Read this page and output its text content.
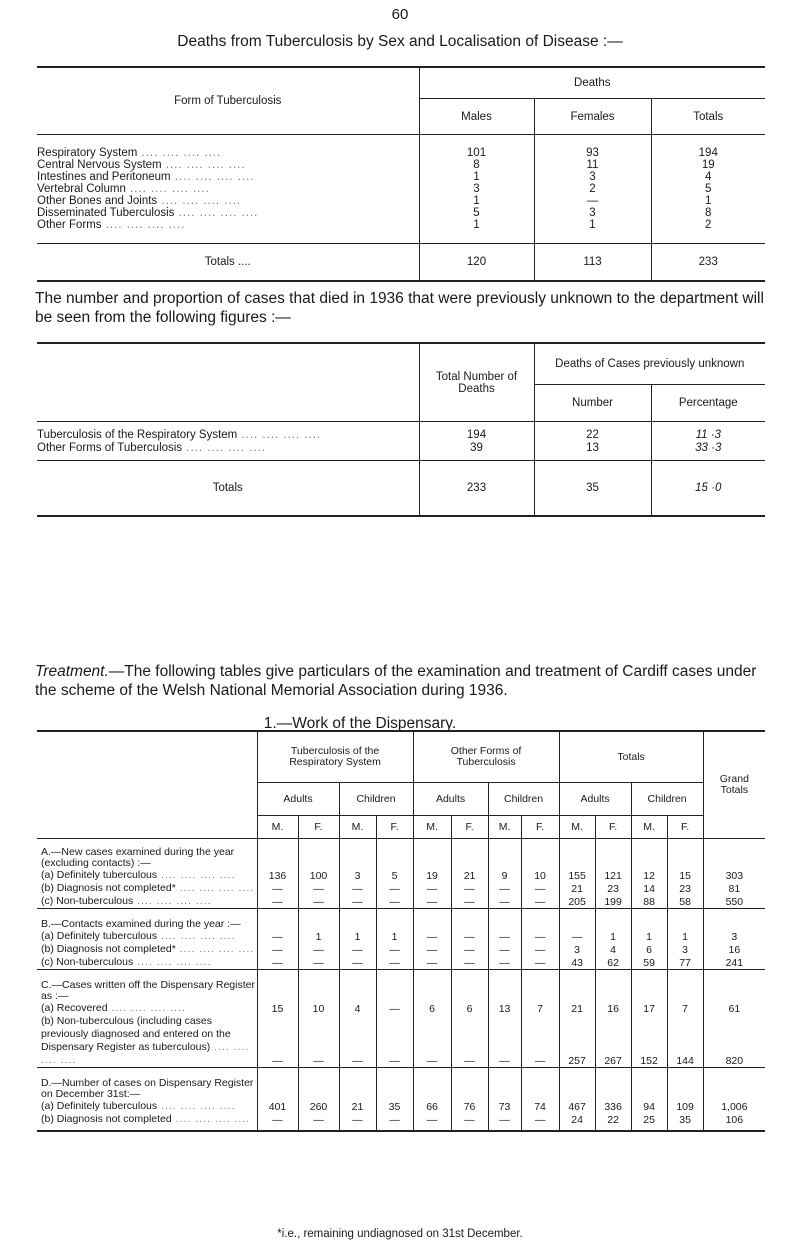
60
Deaths from Tuberculosis by Sex and Localisation of Disease :—
Form of Tuberculosis	Deaths		
	Males	Females	Totals

Respiratory System ....	101	93	194
Central Nervous System ....	8	11	19
Intestines and Peritoneum ....	1	3	4
Vertebral Column ....	3	2	5
Other Bones and Joints ....	1	—	1
Disseminated Tuberculosis ....	5	3	8
Other Forms ....	1	1	2

Totals ....	120	113	233
The number and proportion of cases that died in 1936 that were previously unknown to the department will be seen from the following figures :—
	Total Number of Deaths	Deaths of Cases previously unknown	
		Number	Percentage

Tuberculosis of the Respiratory System ....	194	22	11 ·3
Other Forms of Tuberculosis ....	39	13	33 ·3

Totals	233	35	15 ·0
Treatment.—The following tables give particulars of the examination and treatment of Cardiff cases under the scheme of the Welsh National Memorial Association during 1936.
1.—Work of the Dispensary.
	Tuberculosis of the Respiratory System				Other Forms of Tuberculosis				Totals				Grand Totals
	Adults		Children		Adults		Children		Adults		Children		
	M.	F.	M.	F.	M.	F.	M.	F.	M.	F.	M.	F.	

A.—New cases examined during the year (excluding contacts) :—													
(a) Definitely tuberculous ....	136	100	3	5	19	21	9	10	155	121	12	15	303
(b) Diagnosis not completed* ....	—	—	—	—	—	—	—	—	21	23	14	23	81
(c) Non-tuberculous ....	—	—	—	—	—	—	—	—	205	199	88	58	550

B.—Contacts examined during the year :—													
(a) Definitely tuberculous ....	—	1	1	1	—	—	—	—	—	1	1	1	3
(b) Diagnosis not completed* ....	—	—	—	—	—	—	—	—	3	4	6	3	16
(c) Non-tuberculous ....	—	—	—	—	—	—	—	—	43	62	59	77	241

C.—Cases written off the Dispensary Register as :—													
(a) Recovered ....	15	10	4	—	6	6	13	7	21	16	17	7	61
(b) Non-tuberculous (including cases previously diagnosed and entered on the Dispensary Register as tuberculous) ....	—	—	—	—	—	—	—	—	257	267	152	144	820

D.—Number of cases on Dispensary Register on December 31st:—													
(a) Definitely tuberculous ....	401	260	21	35	66	76	73	74	467	336	94	109	1,006
(b) Diagnosis not completed ....	—	—	—	—	—	—	—	—	24	22	25	35	106

*i.e., remaining undiagnosed on 31st December.
